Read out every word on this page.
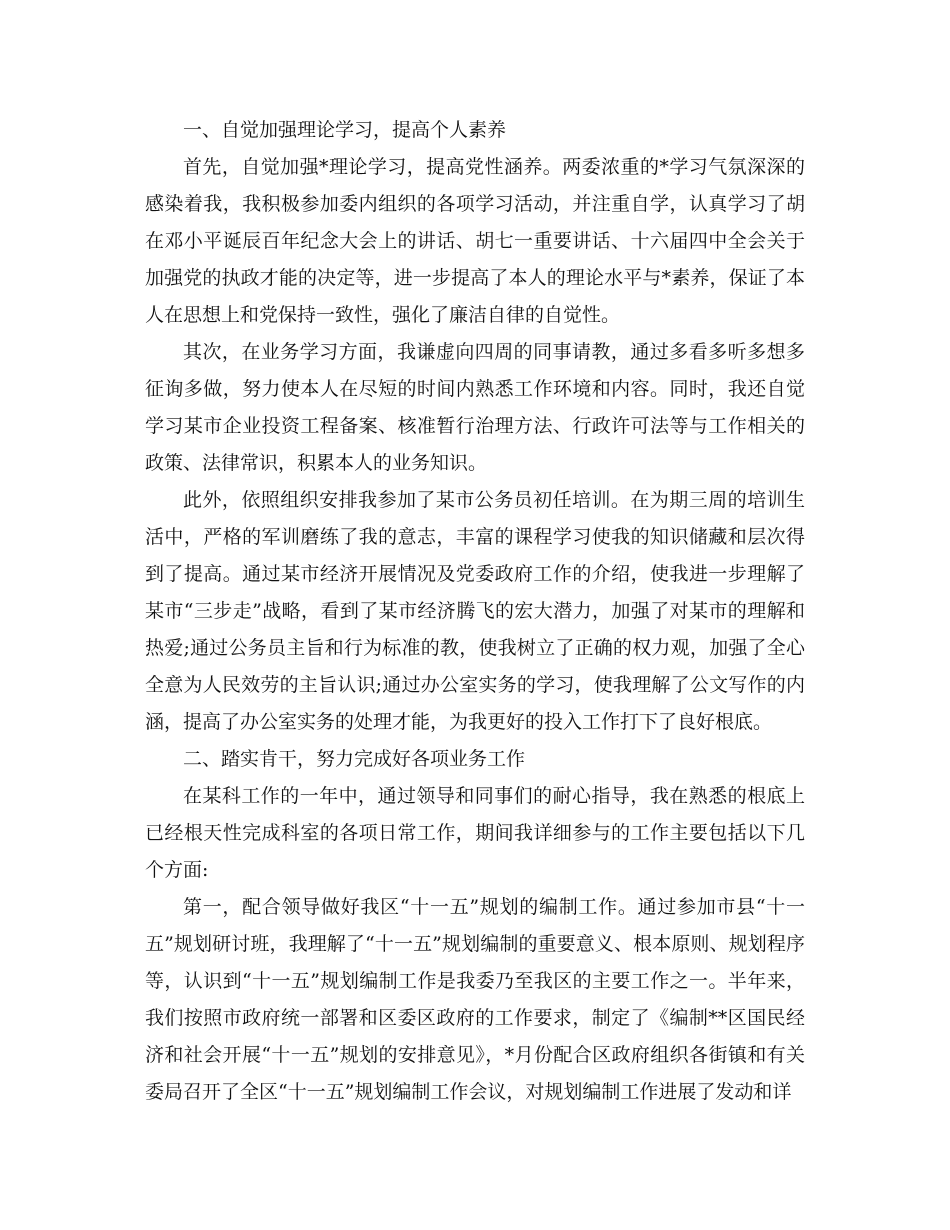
一、自觉加强理论学习，提高个人素养

首先，自觉加强*理论学习，提高党性涵养。两委浓重的*学习气氛深深的感染着我，我积极参加委内组织的各项学习活动，并注重自学，认真学习了胡在邓小平诞辰百年纪念大会上的讲话、胡七一重要讲话、十六届四中全会关于加强党的执政才能的决定等，进一步提高了本人的理论水平与*素养，保证了本人在思想上和党保持一致性，强化了廉洁自律的自觉性。

其次，在业务学习方面，我谦虚向四周的同事请教，通过多看多听多想多征询多做，努力使本人在尽短的时间内熟悉工作环境和内容。同时，我还自觉学习某市企业投资工程备案、核准暂行治理方法、行政许可法等与工作相关的政策、法律常识，积累本人的业务知识。

此外，依照组织安排我参加了某市公务员初任培训。在为期三周的培训生活中，严格的军训磨练了我的意志，丰富的课程学习使我的知识储藏和层次得到了提高。通过某市经济开展情况及党委政府工作的介绍，使我进一步理解了某市“三步走”战略，看到了某市经济腾飞的宏大潜力，加强了对某市的理解和热爱;通过公务员主旨和行为标准的教，使我树立了正确的权力观，加强了全心全意为人民效劳的主旨认识;通过办公室实务的学习，使我理解了公文写作的内涵，提高了办公室实务的处理才能，为我更好的投入工作打下了良好根底。

二、踏实肯干，努力完成好各项业务工作

在某科工作的一年中，通过领导和同事们的耐心指导，我在熟悉的根底上已经根天性完成科室的各项日常工作，期间我详细参与的工作主要包括以下几个方面:

第一，配合领导做好我区“十一五”规划的编制工作。通过参加市县“十一五”规划研讨班，我理解了“十一五”规划编制的重要意义、根本原则、规划程序等，认识到“十一五”规划编制工作是我委乃至我区的主要工作之一。半年来，我们按照市政府统一部署和区委区政府的工作要求，制定了《编制**区国民经济和社会开展“十一五”规划的安排意见》，*月份配合区政府组织各街镇和有关委局召开了全区“十一五”规划编制工作会议，对规划编制工作进展了发动和详
